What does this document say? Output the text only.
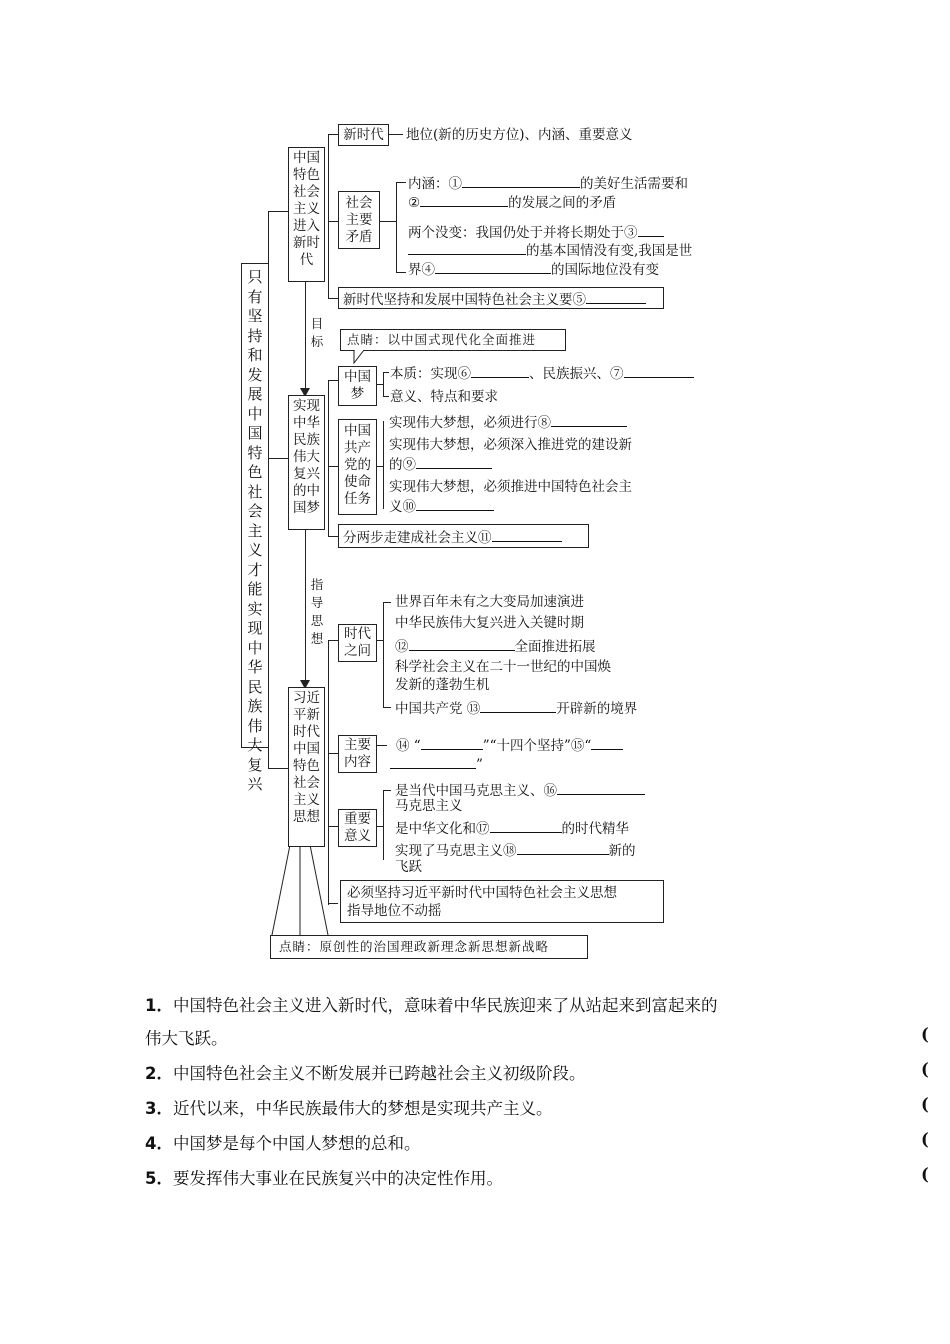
只有坚持和发展中国特色社会主义才能实现中华民族伟大复兴
中国特色社会主义进入新时代
新时代	地位(新的历史方位)、内涵、重要意义
社会主要矛盾
内涵：①	的美好生活需要和
②	的发展之间的矛盾
两个没变：我国仍处于并将长期处于③
的基本国情没有变,我国是世
界④	的国际地位没有变
新时代坚持和发展中国特色社会主义要⑤
目标	点睛：以中国式现代化全面推进
实现中华民族伟大复兴的中国梦
中国梦
本质：实现⑥	、民族振兴、⑦
意义、特点和要求
中国共产党的使命任务
实现伟大梦想，必须进行⑧
实现伟大梦想，必须深入推进党的建设新
的⑨
实现伟大梦想，必须推进中国特色社会主
义⑩
分两步走建成社会主义⑪
指导思想
习近平新时代中国特色社会主义思想
时代之问
世界百年未有之大变局加速演进
中华民族伟大复兴进入关键时期
⑫	全面推进拓展
科学社会主义在二十一世纪的中国焕
发新的蓬勃生机
中国共产党 ⑬	开辟新的境界
主要内容
⑭ “	”“十四个坚持”⑮“
”
重要意义
是当代中国马克思主义、⑯
马克思主义
是中华文化和⑰	的时代精华
实现了马克思主义⑱	新的
飞跃
必须坚持习近平新时代中国特色社会主义思想
指导地位不动摇
点睛：原创性的治国理政新理念新思想新战略
1．中国特色社会主义进入新时代，意味着中华民族迎来了从站起来到富起来的
伟大飞跃。	(
2．中国特色社会主义不断发展并已跨越社会主义初级阶段。	(
3．近代以来，中华民族最伟大的梦想是实现共产主义。	(
4．中国梦是每个中国人梦想的总和。	(
5．要发挥伟大事业在民族复兴中的决定性作用。	(
